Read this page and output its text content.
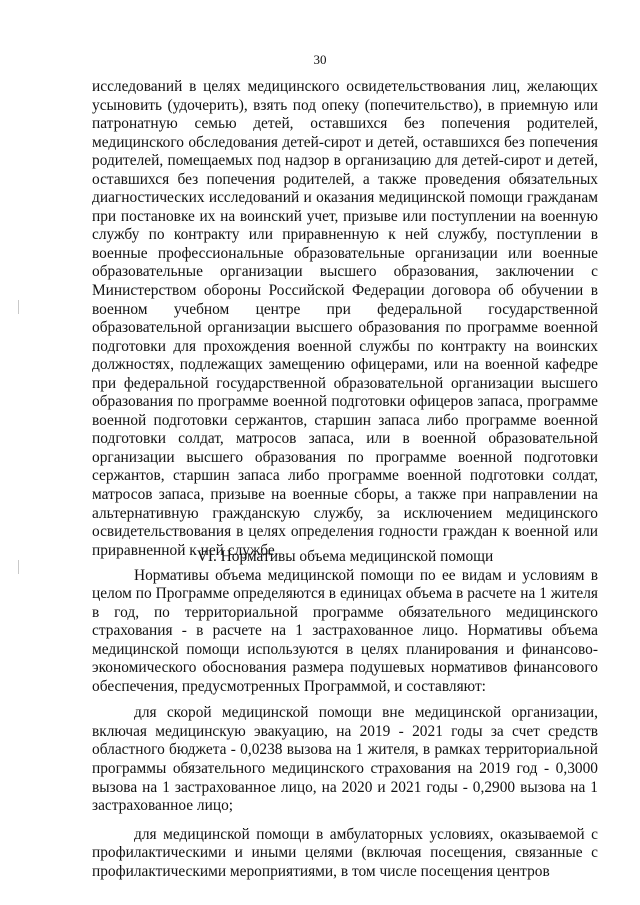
30

исследований в целях медицинского освидетельствования лиц, желающих усыновить (удочерить), взять под опеку (попечительство), в приемную или патронатную семью детей, оставшихся без попечения родителей, медицинского обследования детей-сирот и детей, оставшихся без попечения родителей, помещаемых под надзор в организацию для детей-сирот и детей, оставшихся без попечения родителей, а также проведения обязательных диагностических исследований и оказания медицинской помощи гражданам при постановке их на воинский учет, призыве или поступлении на военную службу по контракту или приравненную к ней службу, поступлении в военные профессиональные образовательные организации или военные образовательные организации высшего образования, заключении с Министерством обороны Российской Федерации договора об обучении в военном учебном центре при федеральной государственной образовательной организации высшего образования по программе военной подготовки для прохождения военной службы по контракту на воинских должностях, подлежащих замещению офицерами, или на военной кафедре при федеральной государственной образовательной организации высшего образования по программе военной подготовки офицеров запаса, программе военной подготовки сержантов, старшин запаса либо программе военной подготовки солдат, матросов запаса, или в военной образовательной организации высшего образования по программе военной подготовки сержантов, старшин запаса либо программе военной подготовки солдат, матросов запаса, призыве на военные сборы, а также при направлении на альтернативную гражданскую службу, за исключением медицинского освидетельствования в целях определения годности граждан к военной или приравненной к ней службе.

VI. Нормативы объема медицинской помощи

Нормативы объема медицинской помощи по ее видам и условиям в целом по Программе определяются в единицах объема в расчете на 1 жителя в год, по территориальной программе обязательного медицинского страхования - в расчете на 1 застрахованное лицо. Нормативы объема медицинской помощи используются в целях планирования и финансово-экономического обоснования размера подушевых нормативов финансового обеспечения, предусмотренных Программой, и составляют:

для скорой медицинской помощи вне медицинской организации, включая медицинскую эвакуацию, на 2019 - 2021 годы за счет средств областного бюджета - 0,0238 вызова на 1 жителя, в рамках территориальной программы обязательного медицинского страхования на 2019 год - 0,3000 вызова на 1 застрахованное лицо, на 2020 и 2021 годы - 0,2900 вызова на 1 застрахованное лицо;

для медицинской помощи в амбулаторных условиях, оказываемой с профилактическими и иными целями (включая посещения, связанные с профилактическими мероприятиями, в том числе посещения центров
